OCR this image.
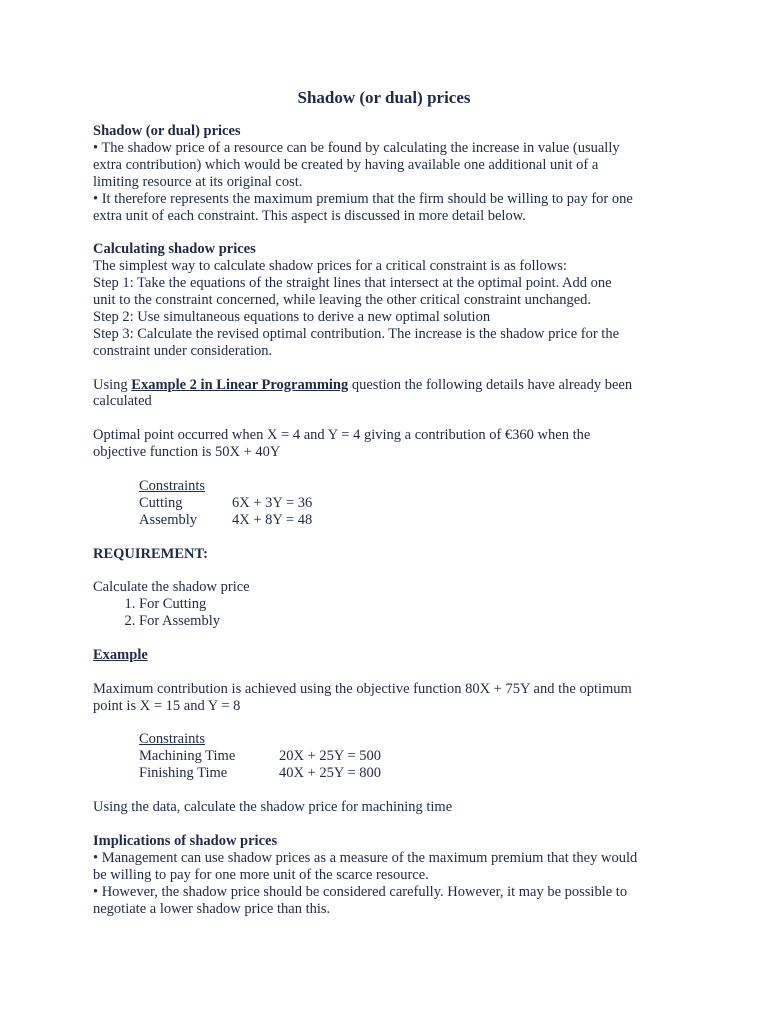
Shadow (or dual) prices

Shadow (or dual) prices

• The shadow price of a resource can be found by calculating the increase in value (usually

extra contribution) which would be created by having available one additional unit of a

limiting resource at its original cost.

• It therefore represents the maximum premium that the firm should be willing to pay for one

extra unit of each constraint. This aspect is discussed in more detail below.

Calculating shadow prices

The simplest way to calculate shadow prices for a critical constraint is as follows:

Step 1: Take the equations of the straight lines that intersect at the optimal point. Add one

unit to the constraint concerned, while leaving the other critical constraint unchanged.

Step 2: Use simultaneous equations to derive a new optimal solution

Step 3: Calculate the revised optimal contribution. The increase is the shadow price for the

constraint under consideration.

Using Example 2 in Linear Programming question the following details have already been

calculated

Optimal point occurred when X = 4 and Y = 4 giving a contribution of €360 when the

objective function is 50X + 40Y

Constraints

Cutting	6X + 3Y = 36
Assembly	4X + 8Y = 48

REQUIREMENT:

Calculate the shadow price

1. For Cutting
2. For Assembly

Example

Maximum contribution is achieved using the objective function 80X + 75Y and the optimum

point is X = 15 and Y = 8

Constraints

Machining Time	20X + 25Y = 500
Finishing Time	40X + 25Y = 800

Using the data, calculate the shadow price for machining time

Implications of shadow prices

• Management can use shadow prices as a measure of the maximum premium that they would

be willing to pay for one more unit of the scarce resource.

• However, the shadow price should be considered carefully. However, it may be possible to

negotiate a lower shadow price than this.
